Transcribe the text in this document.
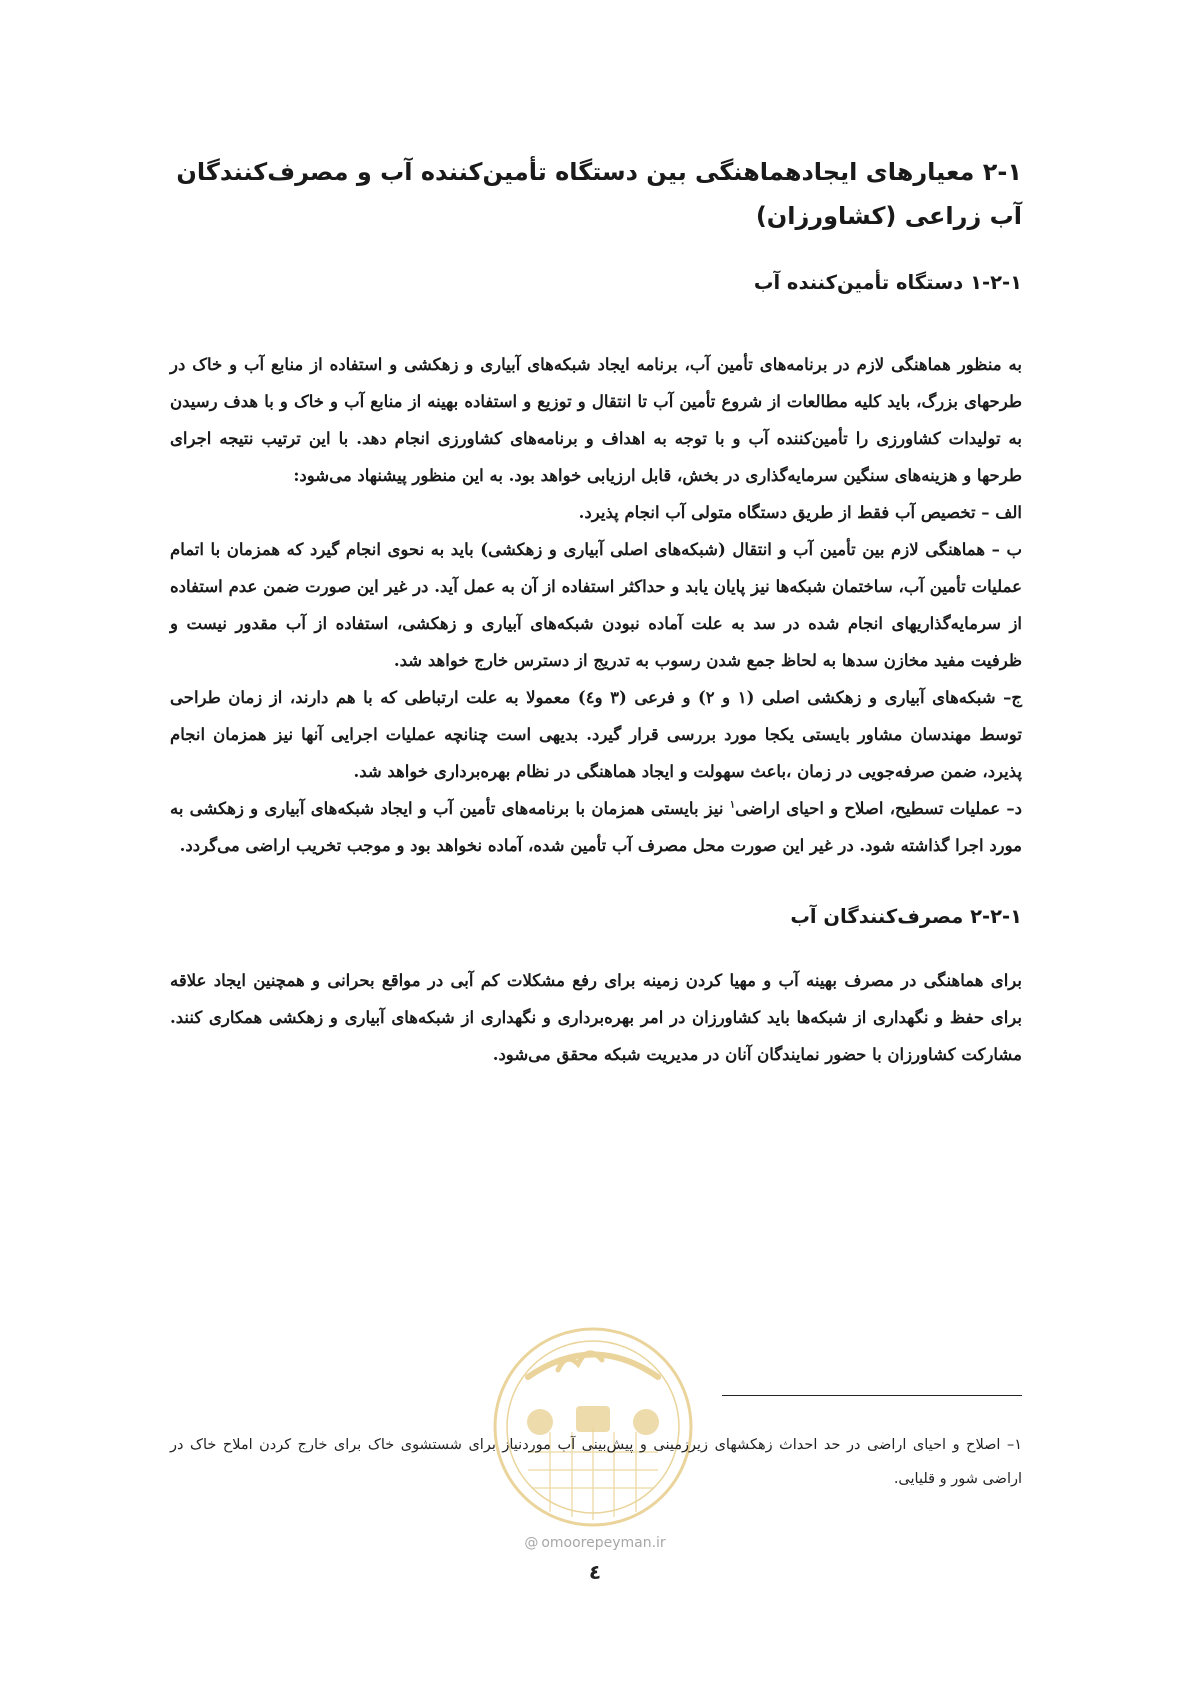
۲-۱ معیارهای ایجادهماهنگی بین دستگاه تأمین‌کننده آب و مصرف‌کنندگان آب زراعی (کشاورزان)
۱-۲-۱ دستگاه تأمین‌کننده آب

به منظور هماهنگی لازم در برنامه‌های تأمین آب، برنامه ایجاد شبکه‌های آبیاری و زهکشی و استفاده از منابع آب و خاک در طرحهای بزرگ، باید کلیه مطالعات از شروع تأمین آب تا انتقال و توزیع و استفاده بهینه از منابع آب و خاک و با هدف رسیدن به تولیدات کشاورزی را تأمین‌کننده آب و با توجه به اهداف و برنامه‌های کشاورزی انجام دهد. با این ترتیب نتیجه اجرای طرحها و هزینه‌های سنگین سرمایه‌گذاری در بخش، قابل ارزیابی خواهد بود. به این منظور پیشنهاد می‌شود:

الف – تخصیص آب فقط از طریق دستگاه متولی آب انجام پذیرد.

ب – هماهنگی لازم بین تأمین آب و انتقال (شبکه‌های اصلی آبیاری و زهکشی) باید به نحوی انجام گیرد که همزمان با اتمام عملیات تأمین آب، ساختمان شبکه‌ها نیز پایان یابد و حداکثر استفاده از آن به عمل آید. در غیر این صورت ضمن عدم استفاده از سرمایه‌گذاریهای انجام شده در سد به علت آماده نبودن شبکه‌های آبیاری و زهکشی، استفاده از آب مقدور نیست و ظرفیت مفید مخازن سدها به لحاظ جمع شدن رسوب به تدریج از دسترس خارج خواهد شد.

ج– شبکه‌های آبیاری و زهکشی اصلی (۱ و ۲) و فرعی (۳ و٤) معمولا به علت ارتباطی که با هم دارند، از زمان طراحی توسط مهندسان مشاور بایستی یکجا مورد بررسی قرار گیرد. بدیهی است چنانچه عملیات اجرایی آنها نیز همزمان انجام پذیرد، ضمن صرفه‌جویی در زمان ،باعث سهولت و ایجاد هماهنگی در نظام بهره‌برداری خواهد شد.

د– عملیات تسطیح، اصلاح و احیای اراضی$^۱$ نیز بایستی همزمان با برنامه‌های تأمین آب و ایجاد شبکه‌های آبیاری و زهکشی به مورد اجرا گذاشته شود. در غیر این صورت محل مصرف آب تأمین شده، آماده نخواهد بود و موجب تخریب اراضی می‌گردد.

۲-۲-۱ مصرف‌کنندگان آب

برای هماهنگی در مصرف بهینه آب و مهیا کردن زمینه برای رفع مشکلات کم آبی در مواقع بحرانی و همچنین ایجاد علاقه برای حفظ و نگهداری از شبکه‌ها باید کشاورزان در امر بهره‌برداری و نگهداری از شبکه‌های آبیاری و زهکشی همکاری کنند. مشارکت کشاورزان با حضور نمایندگان آنان در مدیریت شبکه محقق می‌شود.

۱– اصلاح و احیای اراضی در حد احداث زهکشهای زیرزمینی و پیش‌بینی آب موردنیاز برای شستشوی خاک برای خارج کردن املاح خاک در اراضی شور و قلیایی.

@ omoorepeyman.ir
٤
